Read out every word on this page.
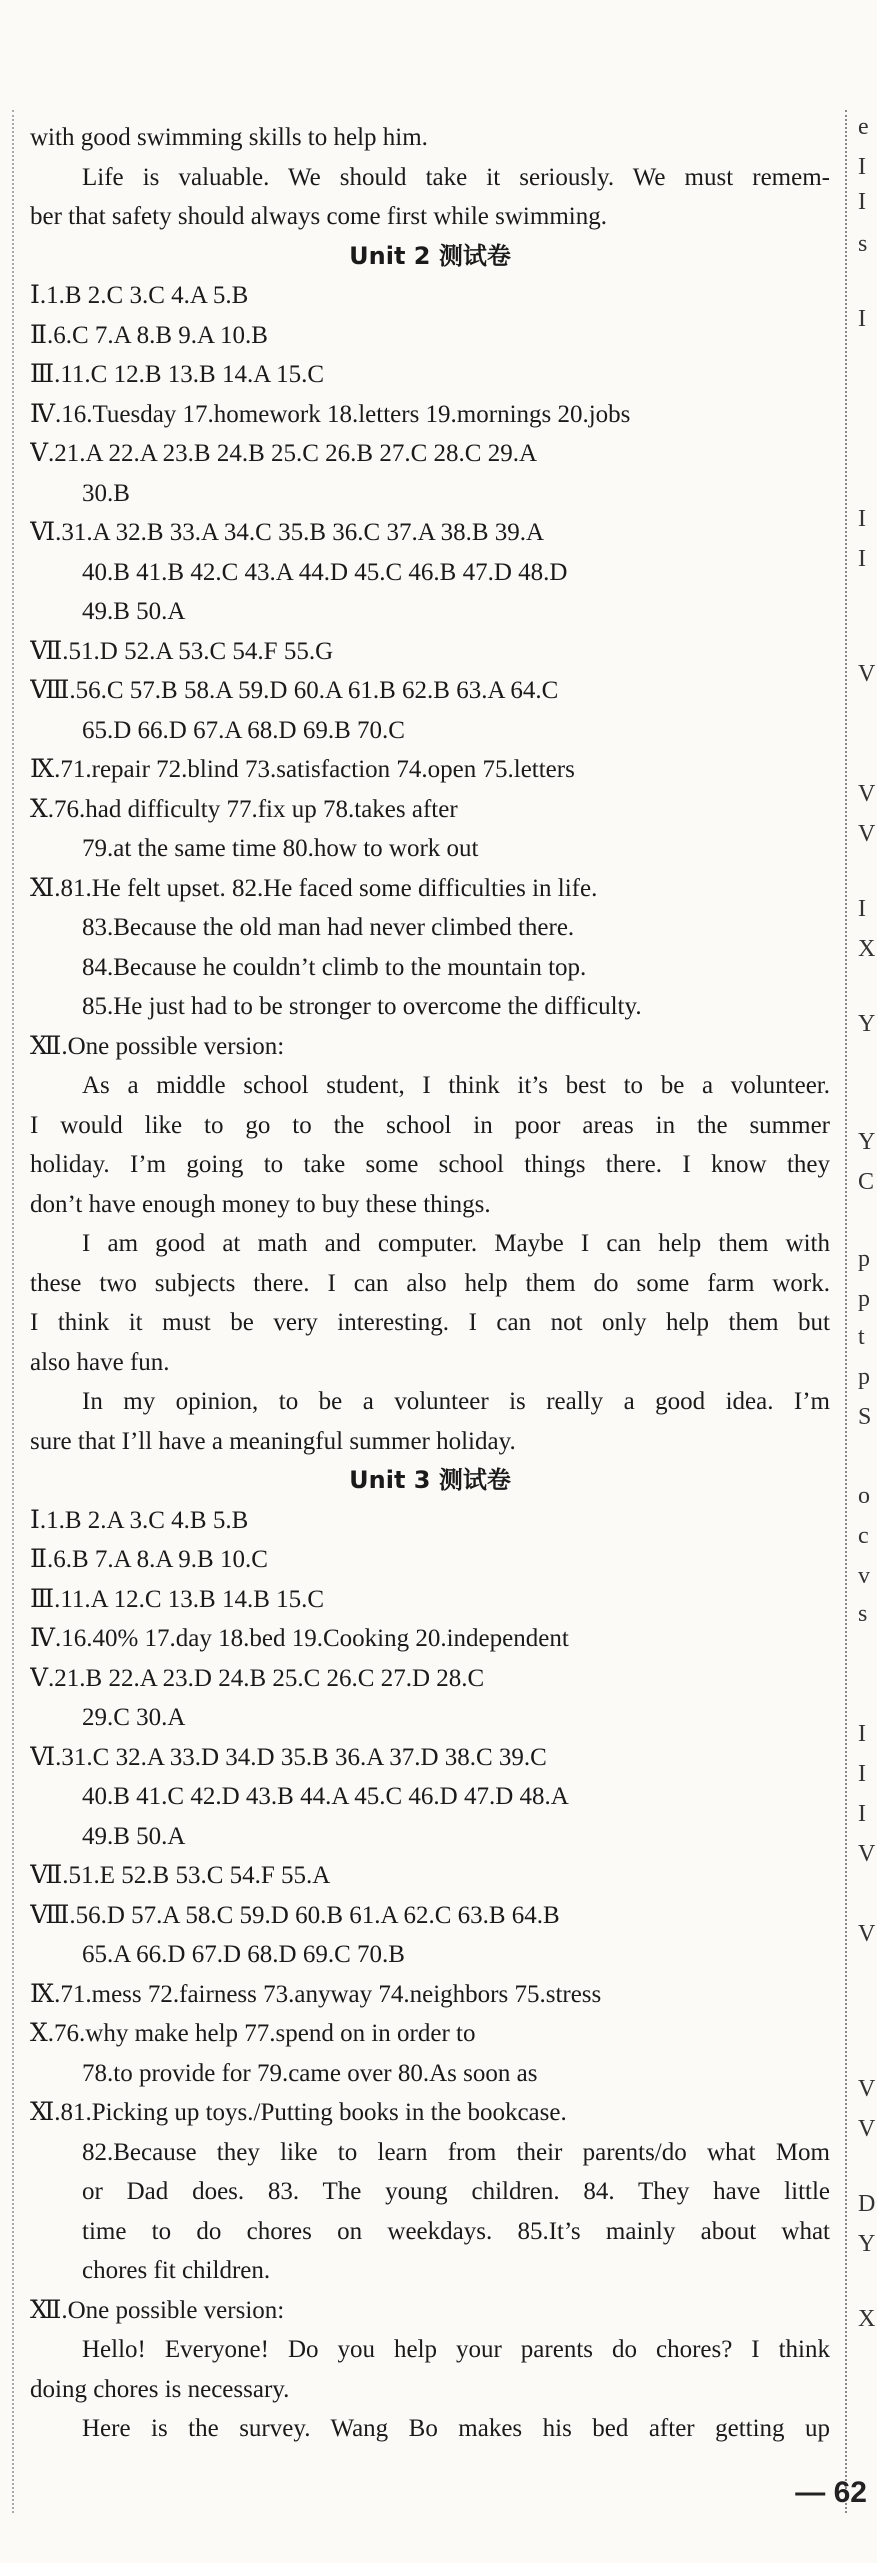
with good swimming skills to help him.
Life is valuable. We should take it seriously. We must remem-
ber that safety should always come first while swimming.
Unit 2 测试卷
Ⅰ.1.B 2.C 3.C 4.A 5.B
Ⅱ.6.C 7.A 8.B 9.A 10.B
Ⅲ.11.C 12.B 13.B 14.A 15.C
Ⅳ.16.Tuesday 17.homework 18.letters 19.mornings 20.jobs
Ⅴ.21.A 22.A 23.B 24.B 25.C 26.B 27.C 28.C 29.A
30.B
Ⅵ.31.A 32.B 33.A 34.C 35.B 36.C 37.A 38.B 39.A
40.B 41.B 42.C 43.A 44.D 45.C 46.B 47.D 48.D
49.B 50.A
Ⅶ.51.D 52.A 53.C 54.F 55.G
Ⅷ.56.C 57.B 58.A 59.D 60.A 61.B 62.B 63.A 64.C
65.D 66.D 67.A 68.D 69.B 70.C
Ⅸ.71.repair 72.blind 73.satisfaction 74.open 75.letters
Ⅹ.76.had difficulty 77.fix up 78.takes after
79.at the same time 80.how to work out
Ⅺ.81.He felt upset. 82.He faced some difficulties in life.
83.Because the old man had never climbed there.
84.Because he couldn’t climb to the mountain top.
85.He just had to be stronger to overcome the difficulty.
Ⅻ.One possible version:
As a middle school student, I think it’s best to be a volunteer.
I would like to go to the school in poor areas in the summer
holiday. I’m going to take some school things there. I know they
don’t have enough money to buy these things.
I am good at math and computer. Maybe I can help them with
these two subjects there. I can also help them do some farm work.
I think it must be very interesting. I can not only help them but
also have fun.
In my opinion, to be a volunteer is really a good idea. I’m
sure that I’ll have a meaningful summer holiday.
Unit 3 测试卷
Ⅰ.1.B 2.A 3.C 4.B 5.B
Ⅱ.6.B 7.A 8.A 9.B 10.C
Ⅲ.11.A 12.C 13.B 14.B 15.C
Ⅳ.16.40% 17.day 18.bed 19.Cooking 20.independent
Ⅴ.21.B 22.A 23.D 24.B 25.C 26.C 27.D 28.C
29.C 30.A
Ⅵ.31.C 32.A 33.D 34.D 35.B 36.A 37.D 38.C 39.C
40.B 41.C 42.D 43.B 44.A 45.C 46.D 47.D 48.A
49.B 50.A
Ⅶ.51.E 52.B 53.C 54.F 55.A
Ⅷ.56.D 57.A 58.C 59.D 60.B 61.A 62.C 63.B 64.B
65.A 66.D 67.D 68.D 69.C 70.B
Ⅸ.71.mess 72.fairness 73.anyway 74.neighbors 75.stress
Ⅹ.76.why make help 77.spend on in order to
78.to provide for 79.came over 80.As soon as
Ⅺ.81.Picking up toys./Putting books in the bookcase.
82.Because they like to learn from their parents/do what Mom
or Dad does. 83. The young children. 84. They have little
time to do chores on weekdays. 85.It’s mainly about what
chores fit children.
Ⅻ.One possible version:
Hello! Everyone! Do you help your parents do chores? I think
doing chores is necessary.
Here is the survey. Wang Bo makes his bed after getting up
e
I
I
s
I
I
I
V
V
V
I
X
Y
Y
C
p
p
t
p
S
o
c
v
s
I
I
I
V
V
V
V
D
Y
X
— 62
